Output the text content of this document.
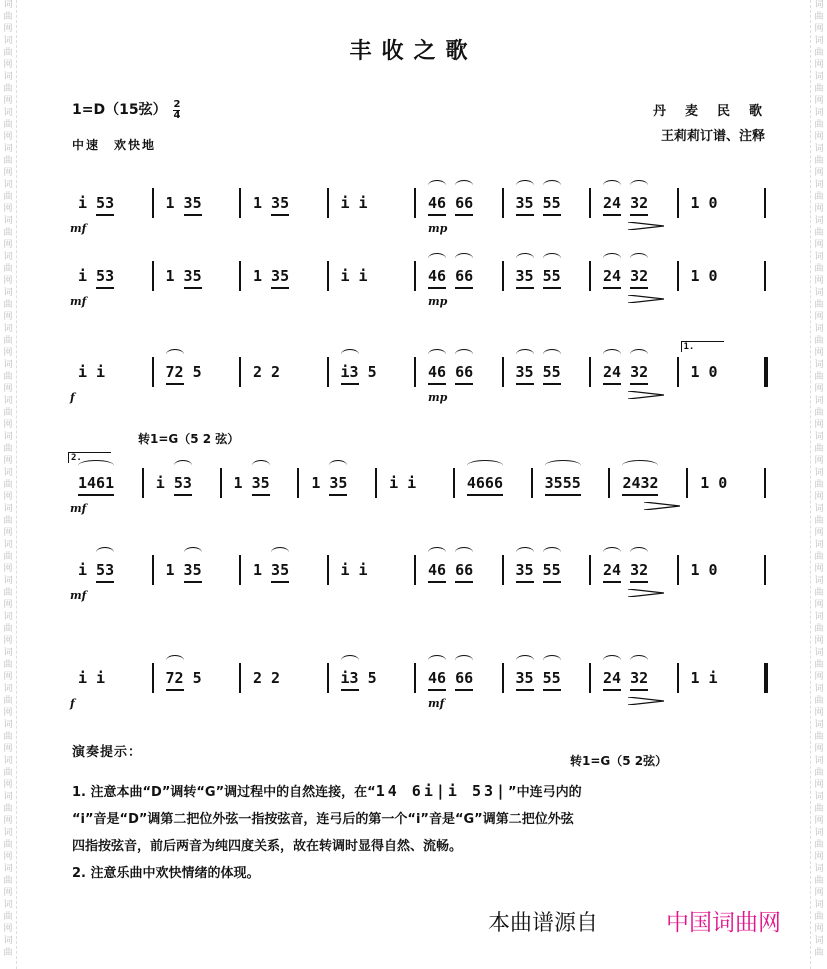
词
曲
网
词
曲
网
词
曲
网
词
曲
网
词
曲
网
词
曲
网
词
曲
网
词
曲
网
词
曲
网
词
曲
网
词
曲
网
词
曲
网
词
曲
网
词
曲
网
词
曲
网
词
曲
网
词
曲
网
词
曲
网
词
曲
网
词
曲
网
词
曲
网
词
曲
网
词
曲
网
词
曲
网
词
曲
网
词
曲
网
词
曲
词
曲
网
词
曲
网
词
曲
网
词
曲
网
词
曲
网
词
曲
网
词
曲
网
词
曲
网
词
曲
网
词
曲
网
词
曲
网
词
曲
网
词
曲
网
词
曲
网
词
曲
网
词
曲
网
词
曲
网
词
曲
网
词
曲
网
词
曲
网
词
曲
网
词
曲
网
词
曲
网
词
曲
网
词
曲
网
词
曲
网
词
曲
丰收之歌
1=D（15弦） $\frac{2}{4}$
中速　欢快地
丹　麦　民　歌
王莉莉订谱、注释
转1=G（5 2 弦）
i 53	1 35	1 35	i i	46 66	35 55	24 32	1 0
mf	mp
i 53	1 35	1 35	i i	46 66	35 55	24 32	1 0
mf	mp
i i	72 5	2 2	i3 5	46 66	35 55	24 32	1 0
f	mp
1.
1461	i 53	1 35	1 35	i i	4666	3555	2432	1 0
mf
2.
i 53	1 35	1 35	i i	46 66	35 55	24 32	1 0
mf
i i	72 5	2 2	i3 5	46 66	35 55	24 32	1 i
f	mf
演奏提示：
转1=G（5 2弦）
1. 注意本曲“D”调转“G”调过程中的自然连接，在“14 6i|i 53|”中连弓内的
“i”音是“D”调第二把位外弦一指按弦音，连弓后的第一个“i”音是“G”调第二把位外弦
四指按弦音，前后两音为纯四度关系，故在转调时显得自然、流畅。
2. 注意乐曲中欢快情绪的体现。
本曲谱源自	中国词曲网
